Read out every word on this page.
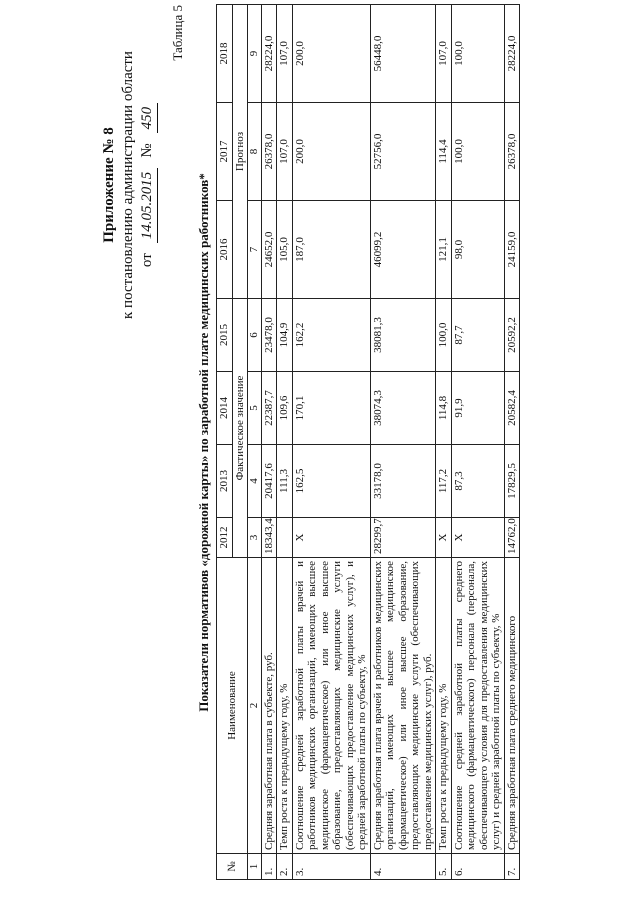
Приложение № 8 к постановлению администрации области от
14.05.2015
№
450
Таблица 5
Показатели нормативов «дорожной карты» по заработной плате медицинских работников*
№	Наименование	2012	2013	2014	2015	2016	2017	2018
		Фактическое значение				Прогноз		
1	2	3	4	5	6	7	8	9
1.	Средняя заработная плата в субъекте, руб.	18343,4	20417,6	22387,7	23478,0	24652,0	26378,0	28224,0
2.	Темп роста к предыдущему году, %		111,3	109,6	104,9	105,0	107,0	107,0
3.	Соотношение средней заработной платы врачей и работников медицинских организаций, имеющих высшее медицинское (фармацевтическое) или иное высшее образование, предоставляющих медицинские услуги (обеспечивающих предоставление медицинских услуг), и средней заработной платы по субъекту, %	Х	162,5	170,1	162,2	187,0	200,0	200,0
4.	Средняя заработная плата врачей и работников медицинских организаций, имеющих высшее медицинское (фармацевтическое) или иное высшее образование, предоставляющих медицинские услуги (обеспечивающих предоставление медицинских услуг), руб.	28299,7	33178,0	38074,3	38081,3	46099,2	52756,0	56448,0
5.	Темп роста к предыдущему году, %	Х	117,2	114,8	100,0	121,1	114,4	107,0
6.	Соотношение средней заработной платы среднего медицинского (фармацевтического) персонала (персонала, обеспечивающего условия для предоставления медицинских услуг) и средней заработной платы по субъекту, %	Х	87,3	91,9	87,7	98,0	100,0	100,0
7.	Средняя заработная плата среднего медицинского	14762,0	17829,5	20582,4	20592,2	24159,0	26378,0	28224,0
